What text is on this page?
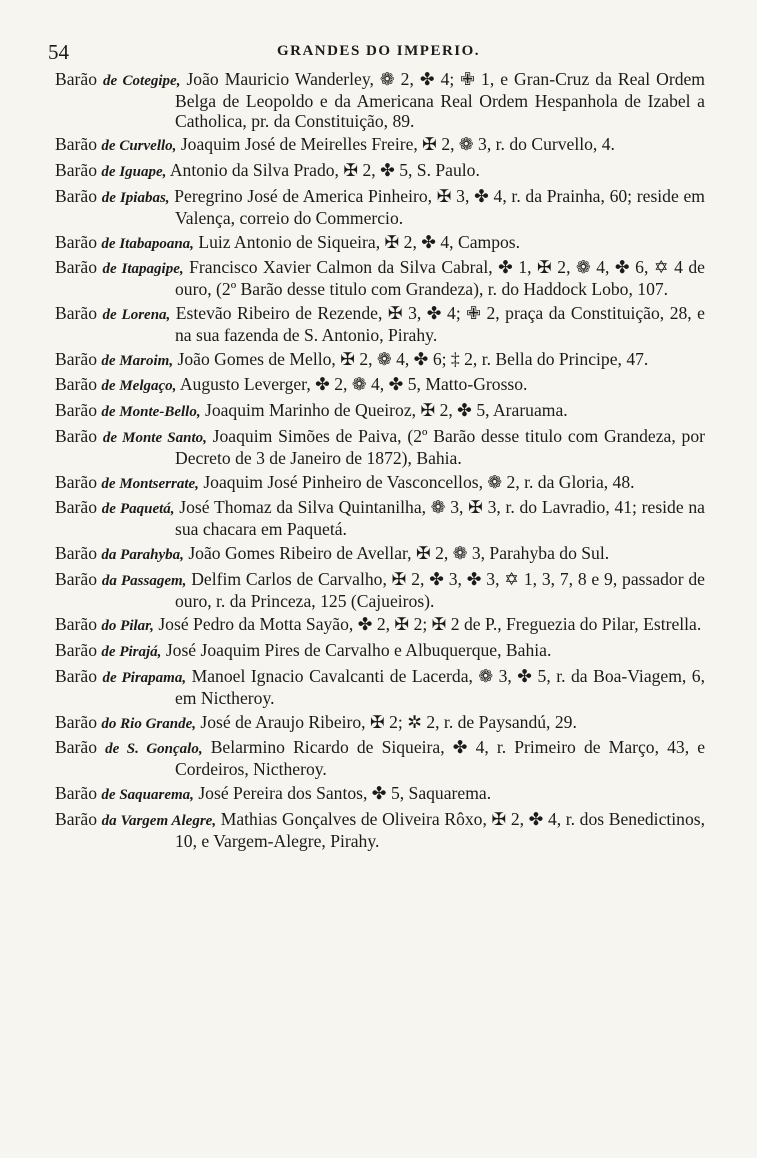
54	GRANDES DO IMPERIO.
Barão de Cotegipe, João Mauricio Wanderley, ❁ 2, ✤ 4; ✙ 1, e Gran-Cruz da Real Ordem Belga de Leopoldo e da Americana Real Ordem Hespanhola de Izabel a Catholica, pr. da Constituição, 89.
Barão de Curvello, Joaquim José de Meirelles Freire, ✠ 2, ❁ 3, r. do Curvello, 4.
Barão de Iguape, Antonio da Silva Prado, ✠ 2, ✤ 5, S. Paulo.
Barão de Ipiabas, Peregrino José de America Pinheiro, ✠ 3, ✤ 4, r. da Prainha, 60; reside em Valença, correio do Commercio.
Barão de Itabapoana, Luiz Antonio de Siqueira, ✠ 2, ✤ 4, Campos.
Barão de Itapagipe, Francisco Xavier Calmon da Silva Cabral, ✤ 1, ✠ 2, ❁ 4, ✤ 6, ✡ 4 de ouro, (2º Barão desse titulo com Grandeza), r. do Haddock Lobo, 107.
Barão de Lorena, Estevão Ribeiro de Rezende, ✠ 3, ✤ 4; ✙ 2, praça da Constituição, 28, e na sua fazenda de S. Antonio, Pirahy.
Barão de Maroim, João Gomes de Mello, ✠ 2, ❁ 4, ✤ 6; ‡ 2, r. Bella do Principe, 47.
Barão de Melgaço, Augusto Leverger, ✤ 2, ❁ 4, ✤ 5, Matto-Grosso.
Barão de Monte-Bello, Joaquim Marinho de Queiroz, ✠ 2, ✤ 5, Araruama.
Barão de Monte Santo, Joaquim Simões de Paiva, (2º Barão desse titulo com Grandeza, por Decreto de 3 de Janeiro de 1872), Bahia.
Barão de Montserrate, Joaquim José Pinheiro de Vasconcellos, ❁ 2, r. da Gloria, 48.
Barão de Paquetá, José Thomaz da Silva Quintanilha, ❁ 3, ✠ 3, r. do Lavradio, 41; reside na sua chacara em Paquetá.
Barão da Parahyba, João Gomes Ribeiro de Avellar, ✠ 2, ❁ 3, Parahyba do Sul.
Barão da Passagem, Delfim Carlos de Carvalho, ✠ 2, ✤ 3, ✤ 3, ✡ 1, 3, 7, 8 e 9, passador de ouro, r. da Princeza, 125 (Cajueiros).
Barão do Pilar, José Pedro da Motta Sayão, ✤ 2, ✠ 2; ✠ 2 de P., Freguezia do Pilar, Estrella.
Barão de Pirajá, José Joaquim Pires de Carvalho e Albuquerque, Bahia.
Barão de Pirapama, Manoel Ignacio Cavalcanti de Lacerda, ❁ 3, ✤ 5, r. da Boa-Viagem, 6, em Nictheroy.
Barão do Rio Grande, José de Araujo Ribeiro, ✠ 2; ✲ 2, r. de Paysandú, 29.
Barão de S. Gonçalo, Belarmino Ricardo de Siqueira, ✤ 4, r. Primeiro de Março, 43, e Cordeiros, Nictheroy.
Barão de Saquarema, José Pereira dos Santos, ✤ 5, Saquarema.
Barão da Vargem Alegre, Mathias Gonçalves de Oliveira Rôxo, ✠ 2, ✤ 4, r. dos Benedictinos, 10, e Vargem-Alegre, Pirahy.
